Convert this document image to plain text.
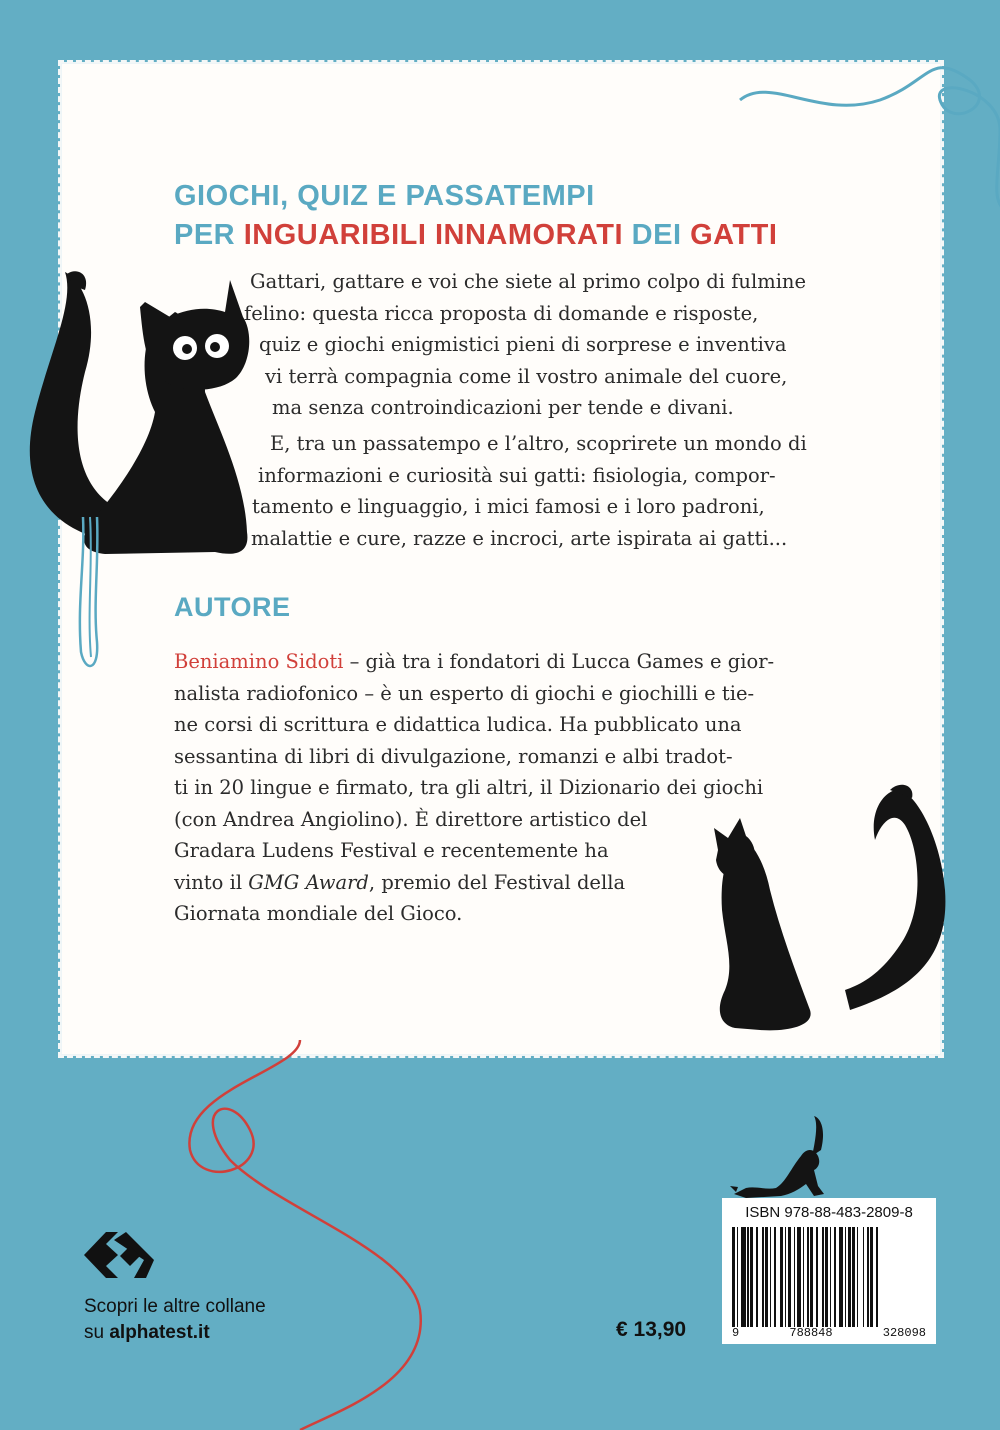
GIOCHI, QUIZ E PASSATEMPI
PER INGUARIBILI INNAMORATI DEI GATTI
Gattari, gattare e voi che siete al primo colpo di fulmine
felino: questa ricca proposta di domande e risposte,
quiz e giochi enigmistici pieni di sorprese e inventiva
vi terrà compagnia come il vostro animale del cuore,
ma senza controindicazioni per tende e divani.
E, tra un passatempo e l’altro, scoprirete un mondo di
informazioni e curiosità sui gatti: fisiologia, compor-
tamento e linguaggio, i mici famosi e i loro padroni,
malattie e cure, razze e incroci, arte ispirata ai gatti...
AUTORE
Beniamino Sidoti – già tra i fondatori di Lucca Games e gior-
nalista radiofonico – è un esperto di giochi e giochilli e tie-
ne corsi di scrittura e didattica ludica. Ha pubblicato una
sessantina di libri di divulgazione, romanzi e albi tradot-
ti in 20 lingue e firmato, tra gli altri, il Dizionario dei giochi
(con Andrea Angiolino). È direttore artistico del
Gradara Ludens Festival e recentemente ha
vinto il GMG Award, premio del Festival della
Giornata mondiale del Gioco.
Scopri le altre collane
su alphatest.it	€ 13,90
ISBN 978-88-483-2809-8
9	788848	328098
